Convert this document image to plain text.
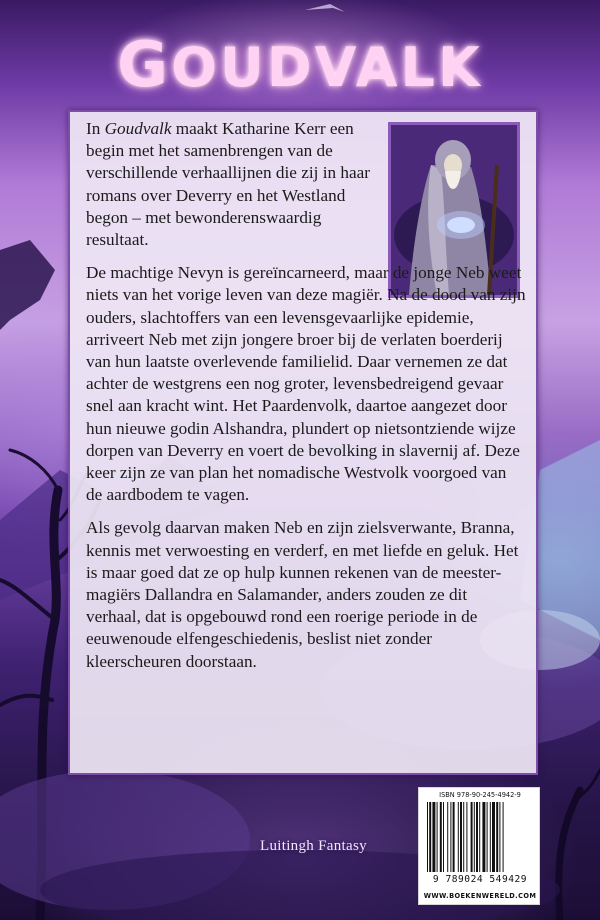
GOUDVALK

In Goudvalk maakt Katharine Kerr een begin met het samenbrengen van de verschillende verhaallijnen die zij in haar romans over Deverry en het Westland begon – met bewonderenswaardig resultaat.

De machtige Nevyn is gereïncarneerd, maar de jonge Neb weet niets van het vorige leven van deze magiër. Na de dood van zijn ouders, slachtoffers van een levensgevaarlijke epidemie, arriveert Neb met zijn jongere broer bij de verlaten boerderij van hun laatste overlevende familielid. Daar vernemen ze dat achter de westgrens een nog groter, levensbedreigend gevaar snel aan kracht wint. Het Paardenvolk, daartoe aangezet door hun nieuwe godin Alshandra, plundert op nietsontziende wijze dorpen van Deverry en voert de bevolking in slavernij af. Deze keer zijn ze van plan het nomadische Westvolk voorgoed van de aardbodem te vagen.

Als gevolg daarvan maken Neb en zijn zielsverwante, Branna, kennis met verwoesting en verderf, en met liefde en geluk. Het is maar goed dat ze op hulp kunnen rekenen van de meester-magiërs Dallandra en Salamander, anders zouden ze dit verhaal, dat is opgebouwd rond een roerige periode in de eeuwenoude elfengeschiedenis, beslist niet zonder kleerscheuren doorstaan.

Luitingh Fantasy
ISBN 978-90-245-4942-9
9 789024 549429
WWW.BOEKENWERELD.COM
